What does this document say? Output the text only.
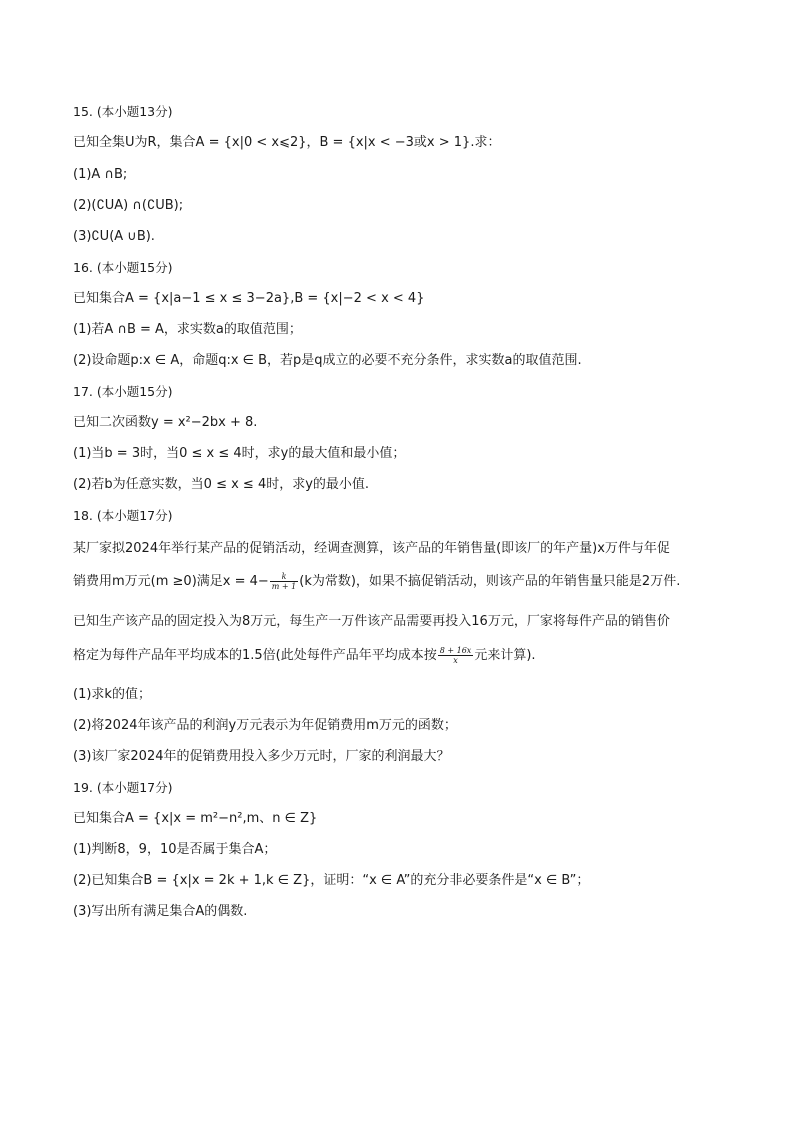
15. (本小题13分)
已知全集U为R，集合A = {x|0 < x⩽2}，B = {x|x < −3或x > 1}.求：
(1)A ∩B;
(2)(∁UA) ∩(∁UB);
(3)∁U(A ∪B).
16. (本小题15分)
已知集合A = {x|a−1 ≤ x ≤ 3−2a},B = {x|−2 < x < 4}
(1)若A ∩B = A，求实数a的取值范围；
(2)设命题p:x ∈ A，命题q:x ∈ B，若p是q成立的必要不充分条件，求实数a的取值范围.
17. (本小题15分)
已知二次函数y = x²−2bx + 8.
(1)当b = 3时，当0 ≤ x ≤ 4时，求y的最大值和最小值；
(2)若b为任意实数，当0 ≤ x ≤ 4时，求y的最小值.
18. (本小题17分)
某厂家拟2024年举行某产品的促销活动，经调查测算，该产品的年销售量(即该厂的年产量)x万件与年促
销费用m万元(m ≥0)满足$x = 4- \frac{k}{m + 1} (k$为常数)，如果不搞促销活动，则该产品的年销售量只能是2万件.
已知生产该产品的固定投入为8万元，每生产一万件该产品需要再投入16万元，厂家将每件产品的销售价
格定为每件产品年平均成本的1.5倍(此处每件产品年平均成本按 $\frac{8 + 16x}{x}$ 元来计算).
(1)求k的值；
(2)将2024年该产品的利润y万元表示为年促销费用m万元的函数；
(3)该厂家2024年的促销费用投入多少万元时，厂家的利润最大？
19. (本小题17分)
已知集合A = {x|x = m²−n²,m、n ∈ Z}
(1)判断8，9，10是否属于集合A；
(2)已知集合B = {x|x = 2k + 1,k ∈ Z}，证明：“x ∈ A”的充分非必要条件是“x ∈ B”；
(3)写出所有满足集合A的偶数.
